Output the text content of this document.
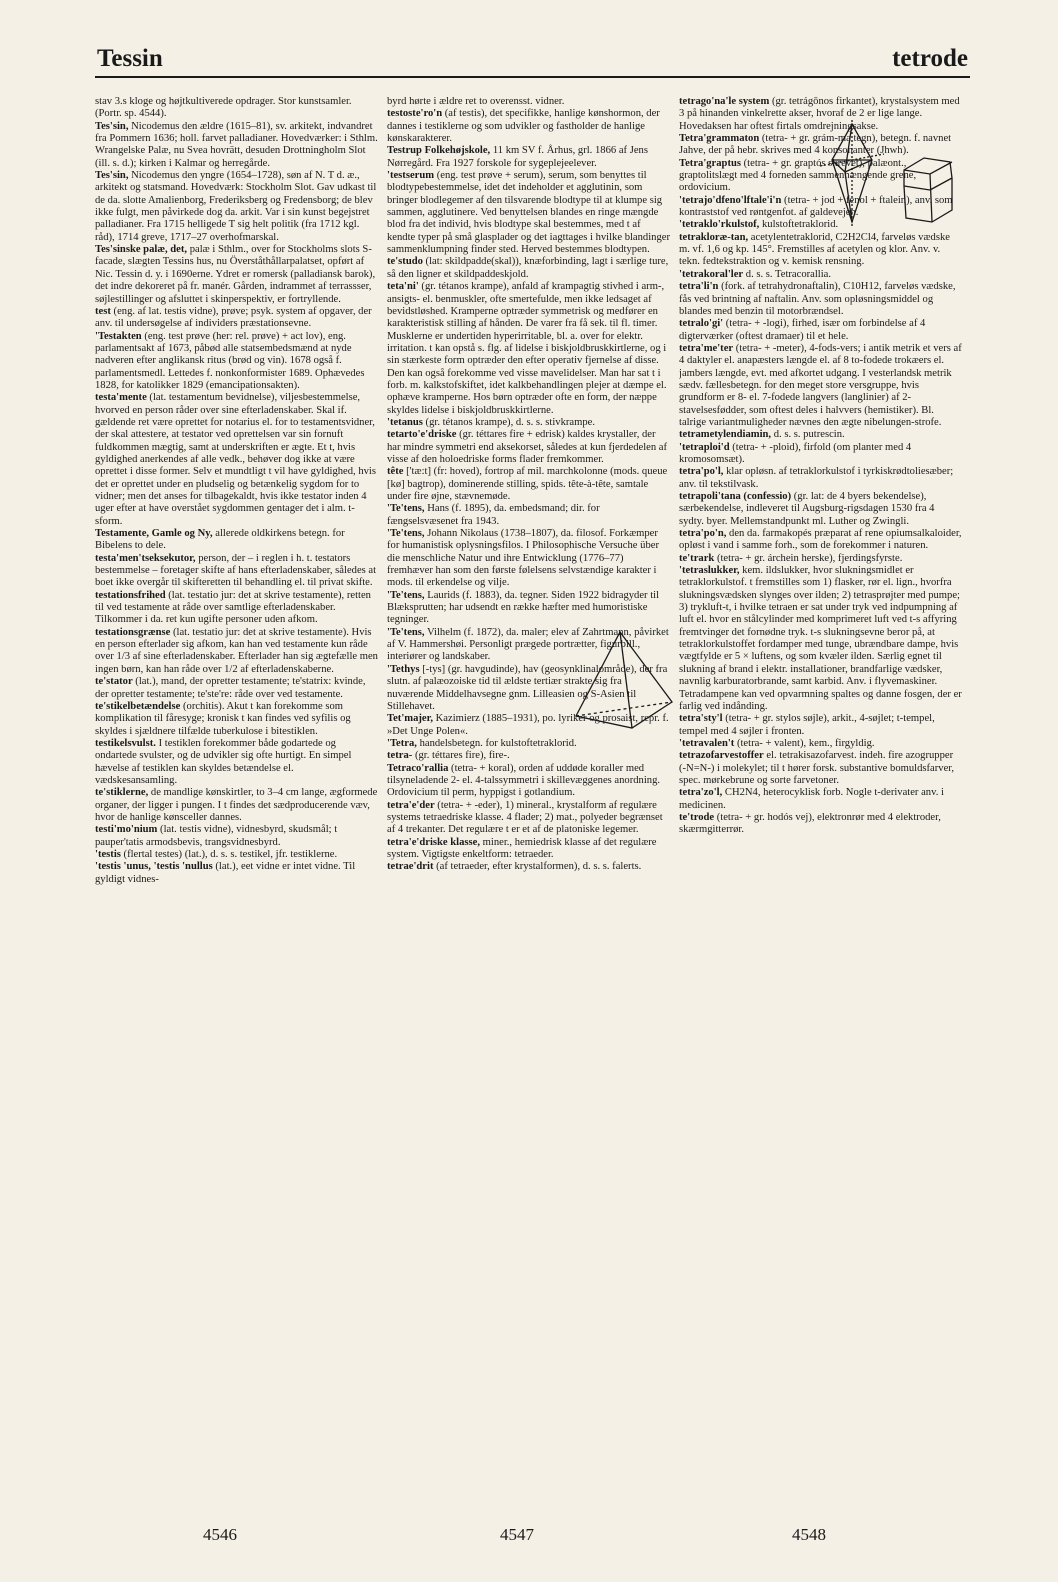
Tessin	tetrode

stav 3.s kloge og højtkultiverede opdrager. Stor kunstsamler. (Portr. sp. 4544).

Tes'sin, Nicodemus den ældre (1615–81), sv. arkitekt, indvandret fra Pommern 1636; holl. farvet palladianer. Hovedværker: i Sthlm. Wrangelske Palæ, nu Svea hovrätt, desuden Drottningholm Slot (ill. s. d.); kirken i Kalmar og herregårde.

Tes'sin, Nicodemus den yngre (1654–1728), søn af N. T d. æ., arkitekt og statsmand. Hovedværk: Stockholm Slot. Gav udkast til de da. slotte Amalienborg, Frederiksberg og Fredensborg; de blev ikke fulgt, men påvirkede dog da. arkit. Var i sin kunst begejstret palladianer. Fra 1715 helligede T sig helt politik (fra 1712 kgl. råd), 1714 greve, 1717–27 overhofmarskal.

Tes'sinske palæ, det, palæ i Sthlm., over for Stockholms slots S-facade, slægten Tessins hus, nu Överståthållarpalatset, opført af Nic. Tessin d. y. i 1690erne. Ydret er romersk (palladiansk barok), det indre dekoreret på fr. manér. Gården, indrammet af terrassser, søjlestillinger og afsluttet i skinperspektiv, er fortryllende.

test (eng. af lat. testis vidne), prøve; psyk. system af opgaver, der anv. til undersøgelse af individers præstationsevne.

'Testakten (eng. test prøve (her: rel. prøve) + act lov), eng. parlamentsakt af 1673, påbød alle statsembedsmænd at nyde nadveren efter anglikansk ritus (brød og vin). 1678 også f. parlamentsmedl. Lettedes f. nonkonformister 1689. Ophævedes 1828, for katolikker 1829 (emancipationsakten).

testa'mente (lat. testamentum bevidnelse), viljesbestemmelse, hvorved en person råder over sine efterladenskaber. Skal if. gældende ret være oprettet for notarius el. for to testamentsvidner, der skal attestere, at testator ved oprettelsen var sin fornuft fuldkommen mægtig, samt at underskriften er ægte. Et t, hvis gyldighed anerkendes af alle vedk., behøver dog ikke at være oprettet i disse former. Selv et mundtligt t vil have gyldighed, hvis det er oprettet under en pludselig og betænkelig sygdom for to vidner; men det anses for tilbagekaldt, hvis ikke testator inden 4 uger efter at have overstået sygdommen gentager det i alm. t-sform.

Testamente, Gamle og Ny, allerede oldkirkens betegn. for Bibelens to dele.

testa'men'tseksekutor, person, der – i reglen i h. t. testators bestemmelse – foretager skifte af hans efterladenskaber, således at boet ikke overgår til skifteretten til behandling el. til privat skifte.

testationsfrihed (lat. testatio jur: det at skrive testamente), retten til ved testamente at råde over samtlige efterladenskaber. Tilkommer i da. ret kun ugifte personer uden afkom.

testationsgrænse (lat. testatio jur: det at skrive testamente). Hvis en person efterlader sig afkom, kan han ved testamente kun råde over 1/3 af sine efterladenskaber. Efterlader han sig ægtefælle men ingen børn, kan han råde over 1/2 af efterladenskaberne.

te'stator (lat.), mand, der opretter testamente; te'statrix: kvinde, der opretter testamente; te'ste're: råde over ved testamente.

te'stikelbetændelse (orchitis). Akut t kan forekomme som komplikation til fåresyge; kronisk t kan findes ved syfilis og skyldes i sjældnere tilfælde tuberkulose i bitestiklen.

testikelsvulst. I testiklen forekommer både godartede og ondartede svulster, og de udvikler sig ofte hurtigt. En simpel hævelse af testiklen kan skyldes betændelse el. vædskesansamling.

te'stiklerne, de mandlige kønskirtler, to 3–4 cm lange, ægformede organer, der ligger i pungen. I t findes det sædproducerende væv, hvor de hanlige kønsceller dannes.

testi'mo'nium (lat. testis vidne), vidnesbyrd, skudsmål; t pauper'tatis armodsbevis, trangsvidnesbyrd.

'testis (flertal testes) (lat.), d. s. s. testikel, jfr. testiklerne.

'testis 'unus, 'testis 'nullus (lat.), eet vidne er intet vidne. Til gyldigt vidnes-

byrd hørte i ældre ret to overensst. vidner.

testoste'ro'n (af testis), det specifikke, hanlige kønshormon, der dannes i testiklerne og som udvikler og fastholder de hanlige kønskarakterer.

Testrup Folkehøjskole, 11 km SV f. Århus, grl. 1866 af Jens Nørregård. Fra 1927 forskole for sygeplejeelever.

'testserum (eng. test prøve + serum), serum, som benyttes til blodtypebestemmelse, idet det indeholder et agglutinin, som bringer blodlegemer af den tilsvarende blodtype til at klumpe sig sammen, agglutinere. Ved benyttelsen blandes en ringe mængde blod fra det individ, hvis blodtype skal bestemmes, med t af kendte typer på små glasplader og det iagttages i hvilke blandinger sammenklumpning finder sted. Herved bestemmes blodtypen.

te'studo (lat: skildpadde(skal)), knæforbinding, lagt i særlige ture, så den ligner et skildpaddeskjold.

teta'ni' (gr. tétanos krampe), anfald af krampagtig stivhed i arm-, ansigts- el. benmuskler, ofte smertefulde, men ikke ledsaget af bevidstløshed. Kramperne optræder symmetrisk og medfører en karakteristisk stilling af hånden. De varer fra få sek. til fl. timer. Musklerne er undertiden hyperirritable, bl. a. over for elektr. irritation. t kan opstå s. flg. af lidelse i biskjoldbruskkirtlerne, og i sin stærkeste form optræder den efter operativ fjernelse af disse. Den kan også forekomme ved visse mavelidelser. Man har sat t i forb. m. kalkstofskiftet, idet kalkbehandlingen plejer at dæmpe el. ophæve kramperne. Hos børn optræder ofte en form, der næppe skyldes lidelse i biskjoldbruskkirtlerne.

'tetanus (gr. tétanos krampe), d. s. s. stivkrampe.

tetarto'e'driske (gr. téttares fire + edrisk) kaldes krystaller, der har mindre symmetri end aksekorset, således at kun fjerdedelen af visse af den holoedriske forms flader fremkommer.

tête ['tæ:t] (fr: hoved), fortrop af mil. marchkolonne (mods. queue [kø] bagtrop), dominerende stilling, spids. tête-à-tête, samtale under fire øjne, stævnemøde.

'Te'tens, Hans (f. 1895), da. embedsmand; dir. for fængselsvæsenet fra 1943.

'Te'tens, Johann Nikolaus (1738–1807), da. filosof. Forkæmper for humanistisk oplysningsfilos. I Philosophische Versuche über die menschliche Natur und ihre Entwicklung (1776–77) fremhæver han som den første følelsens selvstændige karakter i mods. til erkendelse og vilje.

'Te'tens, Laurids (f. 1883), da. tegner. Siden 1922 bidragyder til Blæksprutten; har udsendt en række hæfter med humoristiske tegninger.

'Te'tens, Vilhelm (f. 1872), da. maler; elev af Zahrtmann, påvirket af V. Hammershøi. Personligt prægede portrætter, figurbill., interiører og landskaber.

'Tethys [-tys] (gr. havgudinde), hav (geosynklinalområde), der fra slutn. af palæozoiske tid til ældste tertiær strakte sig fra nuværende Middelhavsegne gnm. Lilleasien og S-Asien til Stillehavet.

Tet'majer, Kazimierz (1885–1931), po. lyriker og prosaist, repr. f. »Det Unge Polen«.

'Tetra, handelsbetegn. for kulstoftetraklorid.

tetra- (gr. téttares fire), fire-.

Tetraco'rallia (tetra- + koral), orden af uddøde koraller med tilsyneladende 2- el. 4-talssymmetri i skillevæggenes anordning. Ordovicium til perm, hyppigst i gotlandium.

tetra'e'der (tetra- + -eder), 1) mineral., krystalform af regulære systems tetraedriske klasse. 4 flader; 2) mat., polyeder begrænset af 4 trekanter. Det regulære t er et af de platoniske legemer.

tetra'e'driske klasse, miner., hemiedrisk klasse af det regulære system. Vigtigste enkeltform: tetraeder.

tetrae'drit (af tetraeder, efter krystalformen), d. s. s. falerts.

tetrago'na'le system (gr. tetrágōnos firkantet), krystalsystem med 3 på hinanden vinkelrette akser, hvoraf de 2 er lige lange. Hovedaksen har oftest firtals omdrejningsakse.

Tetra'grammaton (tetra- + gr. grám-ma tegn), betegn. f. navnet Jahve, der på hebr. skrives med 4 konsonanter (Jhwh).

Tetra'graptus (tetra- + gr. graptós skrevet), palæont., graptolitslægt med 4 forneden sammenhængende grene, ordovicium.

'tetrajo'dfeno'lftale'i'n (tetra- + jod + fenol + ftalein), anv. som kontraststof ved røntgenfot. af galdevejen.

'tetraklo'rkulstof, kulstoftetraklorid.

tetrakloræ-tan, acetylentetraklorid, C2H2Cl4, farveløs vædske m. vf. 1,6 og kp. 145°. Fremstilles af acetylen og klor. Anv. v. tekn. fedtekstraktion og v. kemisk rensning.

'tetrakoral'ler d. s. s. Tetracorallia.

tetra'li'n (fork. af tetrahydronaftalin), C10H12, farveløs vædske, fås ved brintning af naftalin. Anv. som opløsningsmiddel og blandes med benzin til motorbrændsel.

tetralo'gi' (tetra- + -logi), firhed, især om forbindelse af 4 digterværker (oftest dramaer) til et hele.

tetra'me'ter (tetra- + -meter), 4-fods-vers; i antik metrik et vers af 4 daktyler el. anapæsters længde el. af 8 to-fodede trokæers el. jambers længde, evt. med afkortet udgang. I vesterlandsk metrik sædv. fællesbetegn. for den meget store versgruppe, hvis grundform er 8- el. 7-fodede langvers (langlinier) af 2-stavelsesfødder, som oftest deles i halvvers (hemistiker). Bl. talrige variantmuligheder nævnes den ægte nibelungen-strofe.

tetrametylendiamin, d. s. s. putrescin.

'tetraploi'd (tetra- + -ploid), firfold (om planter med 4 kromosomsæt).

tetra'po'l, klar opløsn. af tetraklorkulstof i tyrkiskrødtoliesæber; anv. til tekstilvask.

tetrapoli'tana (confessio) (gr. lat: de 4 byers bekendelse), særbekendelse, indleveret til Augsburg-rigsdagen 1530 fra 4 sydty. byer. Mellemstandpunkt ml. Luther og Zwingli.

tetra'po'n, den da. farmakopés præparat af rene opiumsalkaloider, opløst i vand i samme forh., som de forekommer i naturen.

te'trark (tetra- + gr. árchein herske), fjerdingsfyrste.

'tetraslukker, kem. ildslukker, hvor slukningsmidlet er tetraklorkulstof. t fremstilles som 1) flasker, rør el. lign., hvorfra slukningsvædsken slynges over ilden; 2) tetrasprøjter med pumpe; 3) trykluft-t, i hvilke tetraen er sat under tryk ved indpumpning af luft el. hvor en stålcylinder med komprimeret luft ved t-s affyring fremtvinger det fornødne tryk. t-s slukningsevne beror på, at tetraklorkulstoffet fordamper med tunge, ubrændbare dampe, hvis vægtfylde er 5 × luftens, og som kvæler ilden. Særlig egnet til slukning af brand i elektr. installationer, brandfarlige vædsker, navnlig karburatorbrande, samt karbid. Anv. i flyvemaskiner. Tetradampene kan ved opvarmning spaltes og danne fosgen, der er farlig ved indånding.

tetra'sty'l (tetra- + gr. stylos søjle), arkit., 4-søjlet; t-tempel, tempel med 4 søjler i fronten.

'tetravalen't (tetra- + valent), kem., firgyldig.

tetrazofarvestoffer el. tetrakisazofarvest. indeh. fire azogrupper (-N=N-) i molekylet; til t hører forsk. substantive bomuldsfarver, spec. mørkebrune og sorte farvetoner.

tetra'zo'l, CH2N4, heterocyklisk forb. Nogle t-derivater anv. i medicinen.

te'trode (tetra- + gr. hodós vej), elektronrør med 4 elektroder, skærmgitterrør.

4546	4547	4548
